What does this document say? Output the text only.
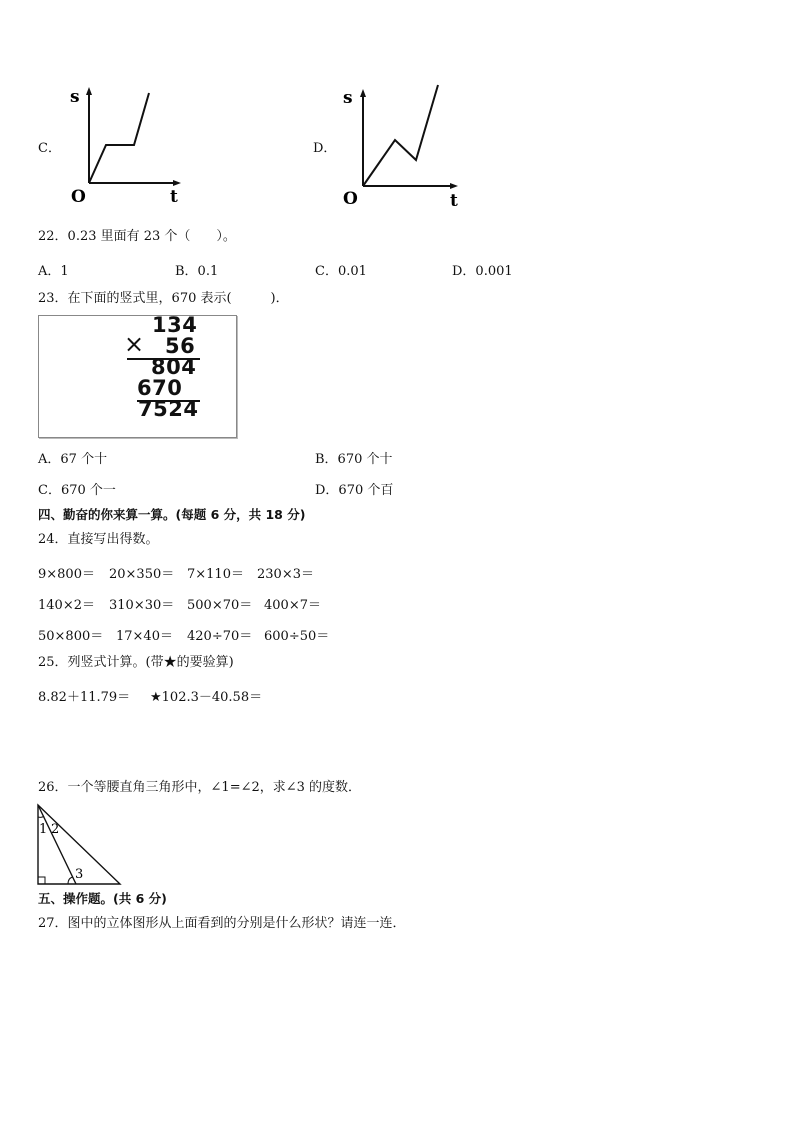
C．
s
t
O
D．
s
t
O
22．0.23 里面有 23 个（　　）。
A．1	B．0.1	C．0.01	D．0.001
23．在下面的竖式里，670 表示(　　　)．
134
× 56
804
670
7524
A．67 个十	B．670 个十
C．670 个一	D．670 个百
四、勤奋的你来算一算。(每题 6 分，共 18 分)
24．直接写出得数。
9×800＝ 20×350＝ 7×110＝ 230×3＝
140×2＝ 310×30＝ 500×70＝ 400×7＝
50×800＝ 17×40＝ 420÷70＝ 600÷50＝
25．列竖式计算。(带★的要验算)
8.82＋11.79＝ ★102.3－40.58＝
26．一个等腰直角三角形中，∠1=∠2，求∠3 的度数．
1 2
3
五、操作题。(共 6 分)
27．图中的立体图形从上面看到的分别是什么形状？请连一连．
